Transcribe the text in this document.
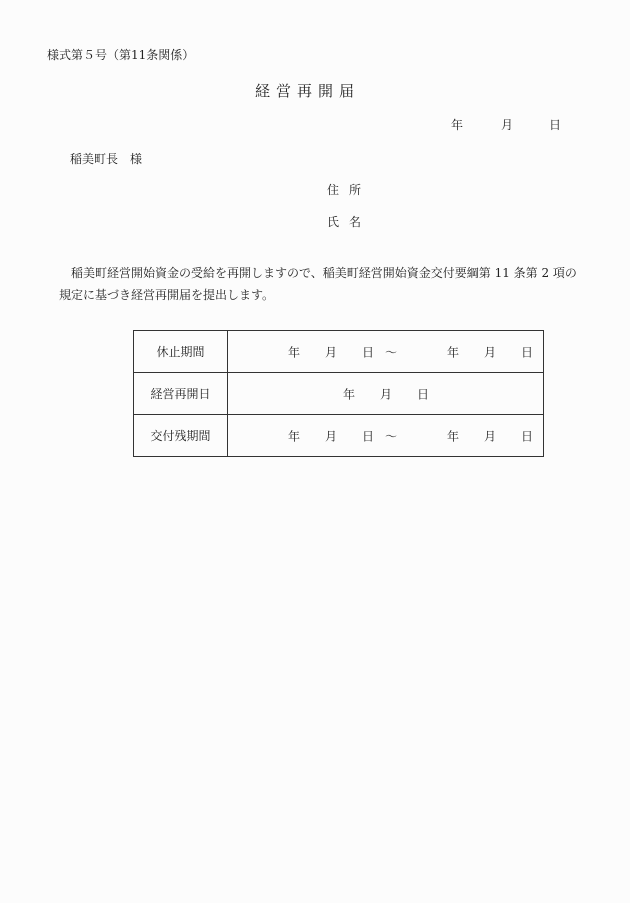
様式第５号（第11条関係）
経営再開届
年	月	日
稲美町長　様
住所
氏名
稲美町経営開始資金の受給を再開しますので、稲美町経営開始資金交付要綱第 11 条第 2 項の
規定に基づき経営再開届を提出します。
休止期間	年 月 日 ～	年 月 日

経営再開日	年 月 日

交付残期間	年 月 日 ～	年 月 日
